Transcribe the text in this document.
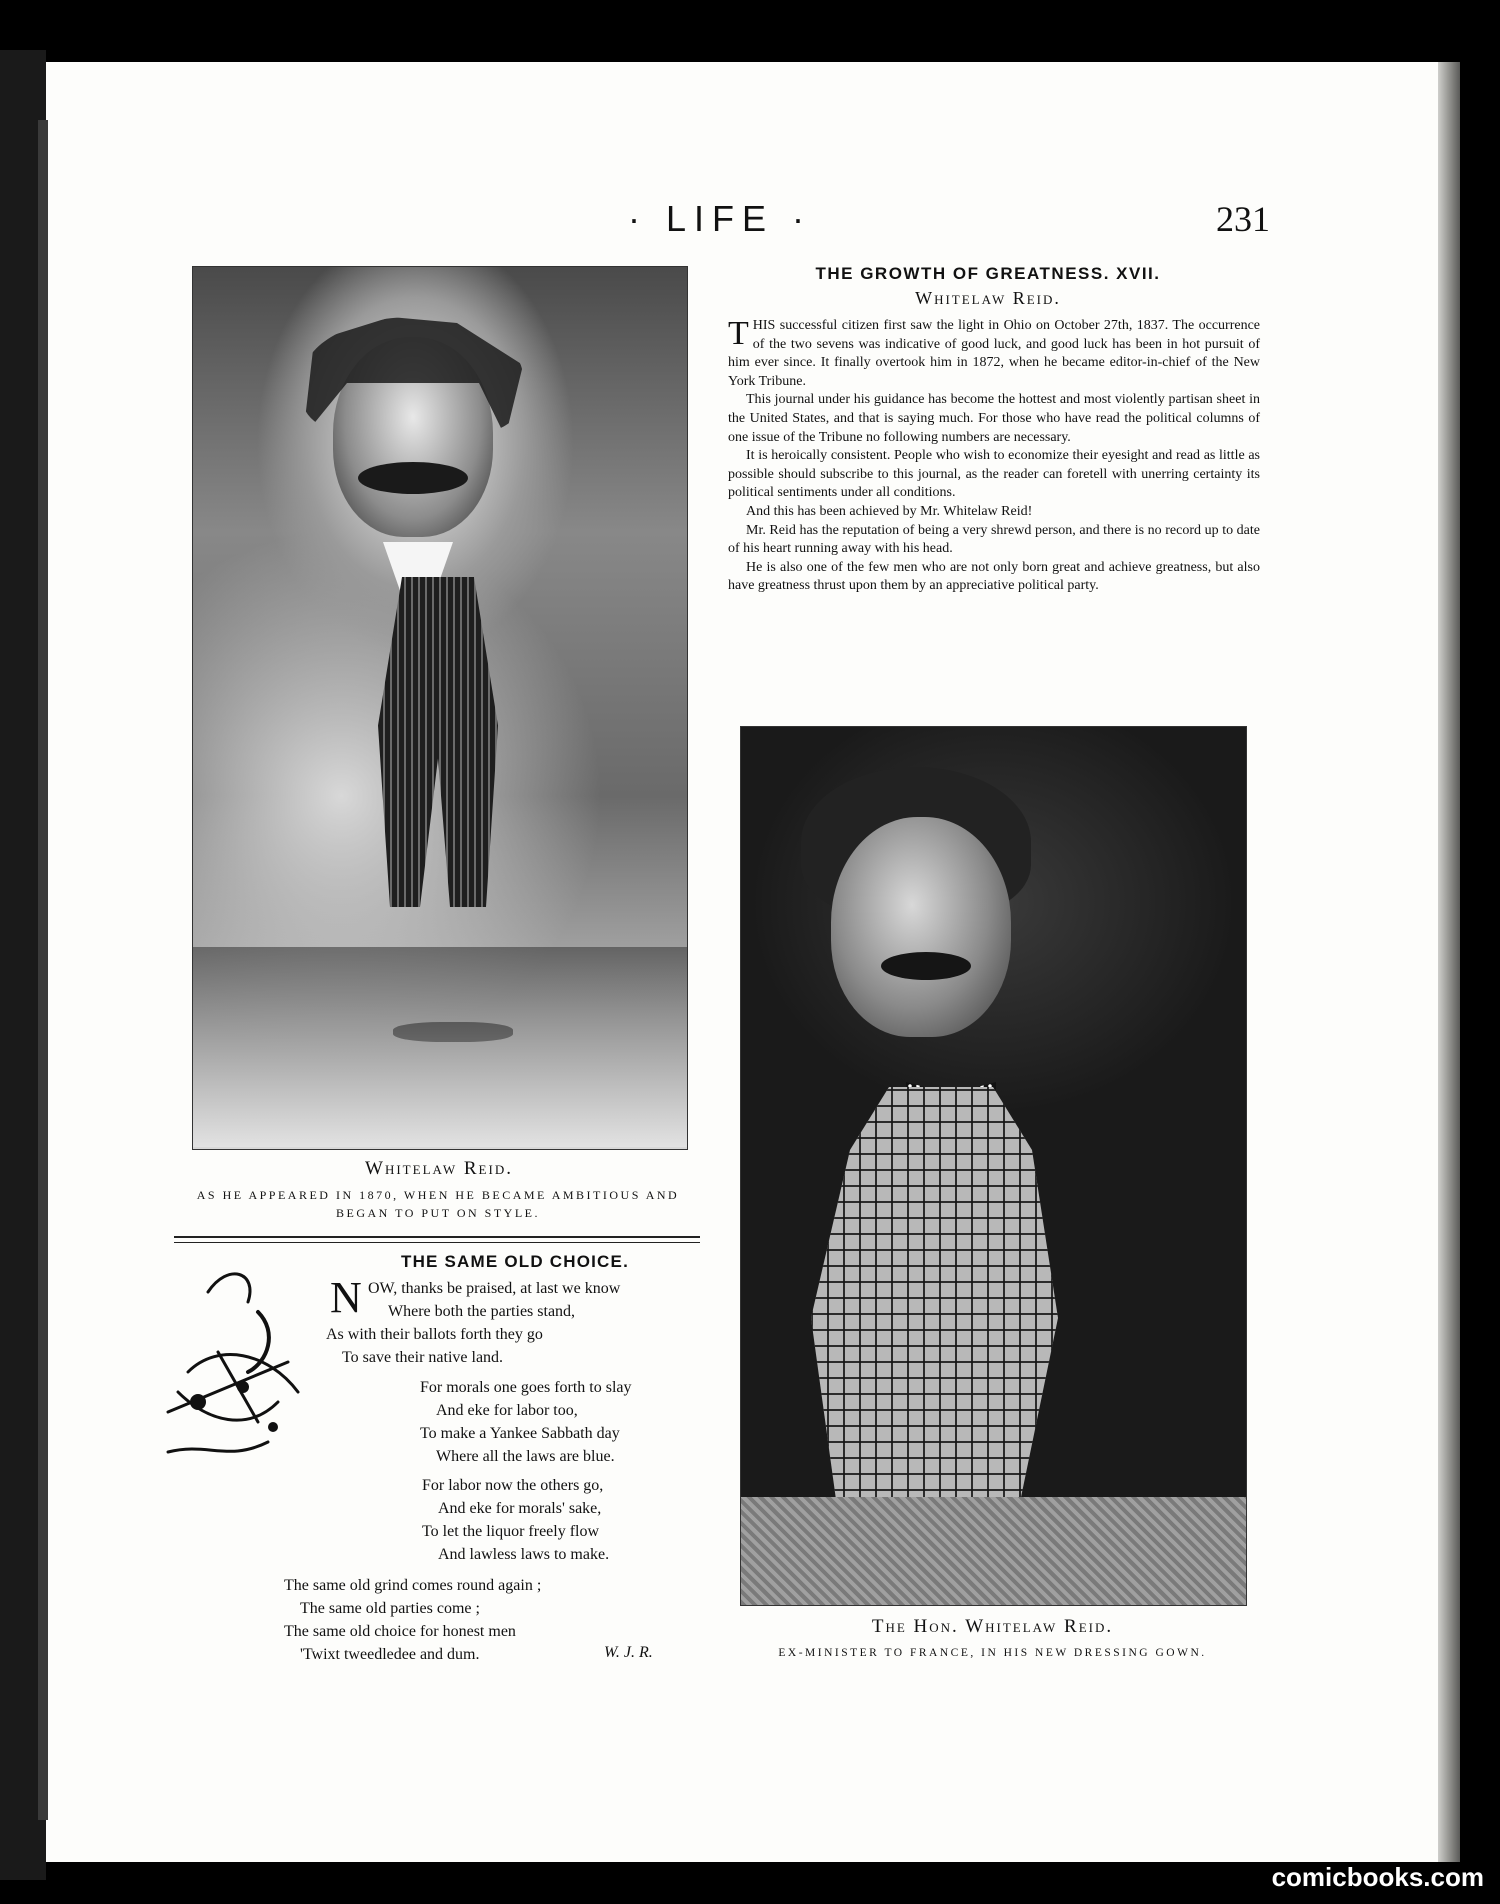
· LIFE ·	231
Whitelaw Reid.
AS HE APPEARED IN 1870, WHEN HE BECAME AMBITIOUS AND
BEGAN TO PUT ON STYLE.
THE GROWTH OF GREATNESS. XVII.
Whitelaw Reid.

THIS successful citizen first saw the light in Ohio on October 27th, 1837. The occurrence of the two sevens was indicative of good luck, and good luck has been in hot pursuit of him ever since. It finally overtook him in 1872, when he became editor-in-chief of the New York Tribune.

This journal under his guidance has become the hottest and most violently partisan sheet in the United States, and that is saying much. For those who have read the political columns of one issue of the Tribune no following numbers are necessary.

It is heroically consistent. People who wish to economize their eyesight and read as little as possible should subscribe to this journal, as the reader can foretell with unerring certainty its political sentiments under all conditions.

And this has been achieved by Mr. Whitelaw Reid!

Mr. Reid has the reputation of being a very shrewd person, and there is no record up to date of his heart running away with his head.

He is also one of the few men who are not only born great and achieve greatness, but also have greatness thrust upon them by an appreciative political party.

The Hon. Whitelaw Reid.
EX-MINISTER TO FRANCE, IN HIS NEW DRESSING GOWN.
THE SAME OLD CHOICE.
N OW, thanks be praised, at last we know
Where both the parties stand,
As with their ballots forth they go
To save their native land.
For morals one goes forth to slay
And eke for labor too,
To make a Yankee Sabbath day
Where all the laws are blue.
For labor now the others go,
And eke for morals' sake,
To let the liquor freely flow
And lawless laws to make.
The same old grind comes round again ;
The same old parties come ;
The same old choice for honest men
'Twixt tweedledee and dum.	W. J. R.
comicbooks.com
